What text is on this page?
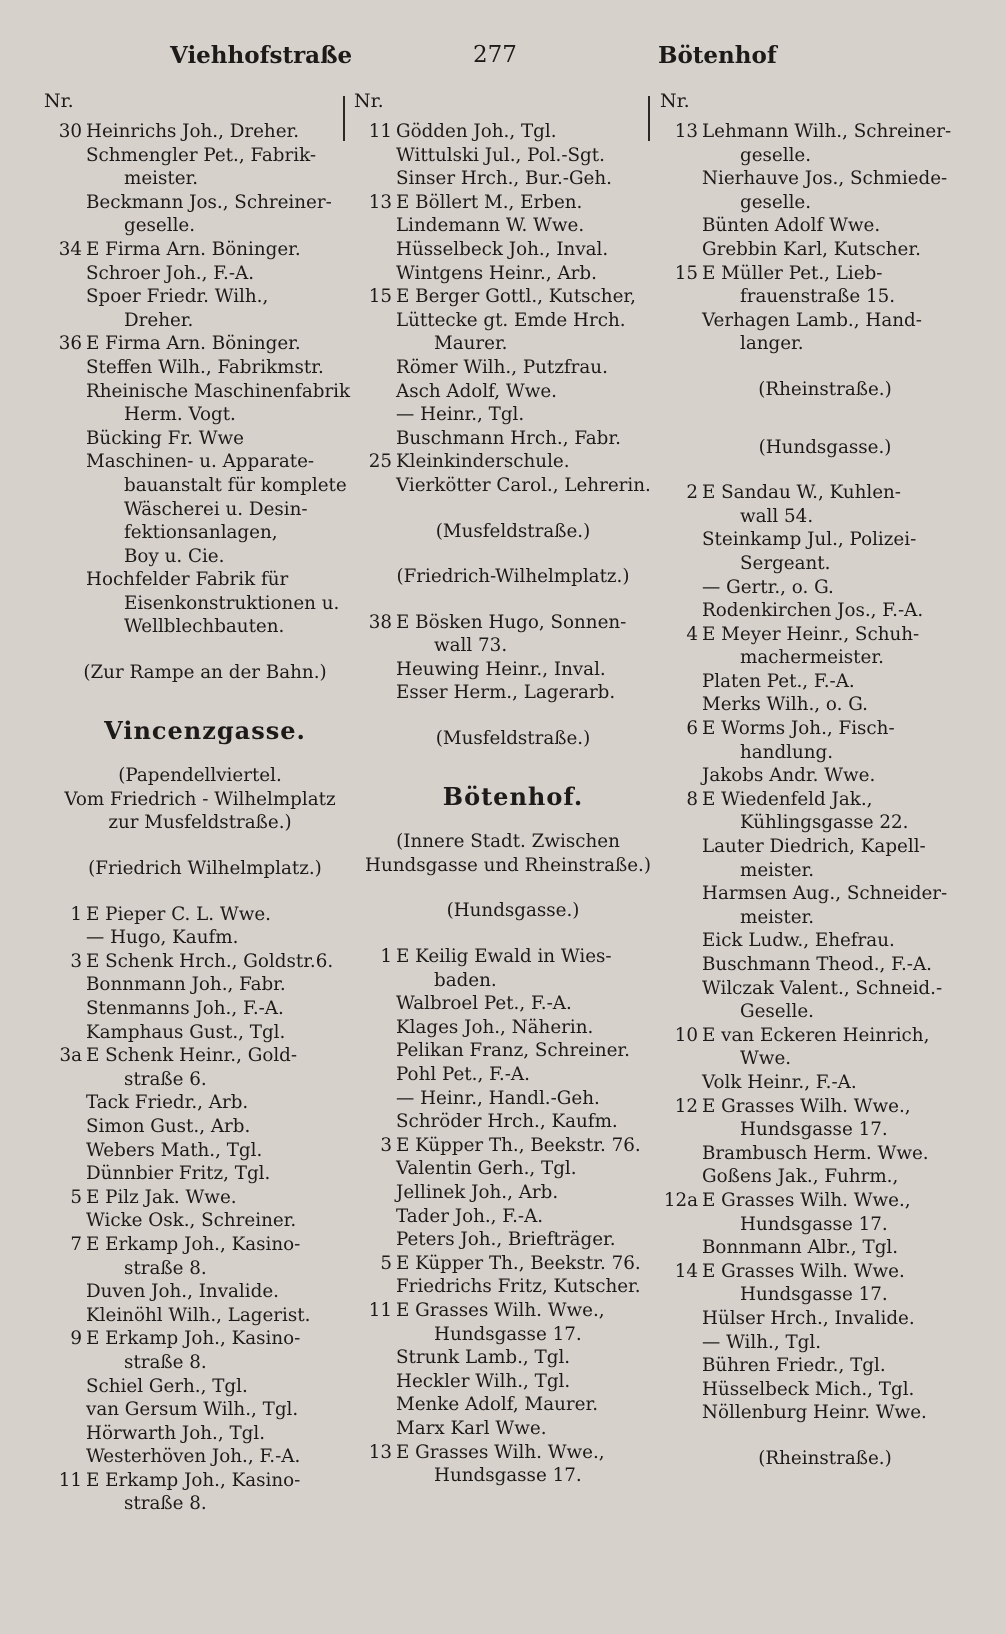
Viehhofstraße	277	Bötenhof
Nr.
30 Heinrichs Joh., Dreher.
Schmengler Pet., Fabrik-
meister.
Beckmann Jos., Schreiner-
geselle.
34 E Firma Arn. Böninger.
Schroer Joh., F.-A.
Spoer Friedr. Wilh.,
Dreher.
36 E Firma Arn. Böninger.
Steffen Wilh., Fabrikmstr.
Rheinische Maschinenfabrik
Herm. Vogt.
Bücking Fr. Wwe
Maschinen- u. Apparate-
bauanstalt für komplete
Wäscherei u. Desin-
fektionsanlagen,
Boy u. Cie.
Hochfelder Fabrik für
Eisenkonstruktionen u.
Wellblechbauten.
(Zur Rampe an der Bahn.)
Vincenzgasse.
(Papendellviertel.
Vom Friedrich - Wilhelmplatz
zur Musfeldstraße.)
(Friedrich Wilhelmplatz.)
1 E Pieper C. L. Wwe.
— Hugo, Kaufm.
3 E Schenk Hrch., Goldstr.6.
Bonnmann Joh., Fabr.
Stenmanns Joh., F.-A.
Kamphaus Gust., Tgl.
3a E Schenk Heinr., Gold-
straße 6.
Tack Friedr., Arb.
Simon Gust., Arb.
Webers Math., Tgl.
Dünnbier Fritz, Tgl.
5 E Pilz Jak. Wwe.
Wicke Osk., Schreiner.
7 E Erkamp Joh., Kasino-
straße 8.
Duven Joh., Invalide.
Kleinöhl Wilh., Lagerist.
9 E Erkamp Joh., Kasino-
straße 8.
Schiel Gerh., Tgl.
van Gersum Wilh., Tgl.
Hörwarth Joh., Tgl.
Westerhöven Joh., F.-A.
11 E Erkamp Joh., Kasino-
straße 8.
Nr.
11 Gödden Joh., Tgl.
Wittulski Jul., Pol.-Sgt.
Sinser Hrch., Bur.-Geh.
13 E Böllert M., Erben.
Lindemann W. Wwe.
Hüsselbeck Joh., Inval.
Wintgens Heinr., Arb.
15 E Berger Gottl., Kutscher,
Lüttecke gt. Emde Hrch.
Maurer.
Römer Wilh., Putzfrau.
Asch Adolf, Wwe.
— Heinr., Tgl.
Buschmann Hrch., Fabr.
25 Kleinkinderschule.
Vierkötter Carol., Lehrerin.
(Musfeldstraße.)
(Friedrich-Wilhelmplatz.)
38 E Bösken Hugo, Sonnen-
wall 73.
Heuwing Heinr., Inval.
Esser Herm., Lagerarb.
(Musfeldstraße.)
Bötenhof.
(Innere Stadt. Zwischen
Hundsgasse und Rheinstraße.)
(Hundsgasse.)
1 E Keilig Ewald in Wies-
baden.
Walbroel Pet., F.-A.
Klages Joh., Näherin.
Pelikan Franz, Schreiner.
Pohl Pet., F.-A.
— Heinr., Handl.-Geh.
Schröder Hrch., Kaufm.
3 E Küpper Th., Beekstr. 76.
Valentin Gerh., Tgl.
Jellinek Joh., Arb.
Tader Joh., F.-A.
Peters Joh., Briefträger.
5 E Küpper Th., Beekstr. 76.
Friedrichs Fritz, Kutscher.
11 E Grasses Wilh. Wwe.,
Hundsgasse 17.
Strunk Lamb., Tgl.
Heckler Wilh., Tgl.
Menke Adolf, Maurer.
Marx Karl Wwe.
13 E Grasses Wilh. Wwe.,
Hundsgasse 17.
Nr.
13 Lehmann Wilh., Schreiner-
geselle.
Nierhauve Jos., Schmiede-
geselle.
Bünten Adolf Wwe.
Grebbin Karl, Kutscher.
15 E Müller Pet., Lieb-
frauenstraße 15.
Verhagen Lamb., Hand-
langer.
(Rheinstraße.)
(Hundsgasse.)
2 E Sandau W., Kuhlen-
wall 54.
Steinkamp Jul., Polizei-
Sergeant.
— Gertr., o. G.
Rodenkirchen Jos., F.-A.
4 E Meyer Heinr., Schuh-
machermeister.
Platen Pet., F.-A.
Merks Wilh., o. G.
6 E Worms Joh., Fisch-
handlung.
Jakobs Andr. Wwe.
8 E Wiedenfeld Jak.,
Kühlingsgasse 22.
Lauter Diedrich, Kapell-
meister.
Harmsen Aug., Schneider-
meister.
Eick Ludw., Ehefrau.
Buschmann Theod., F.-A.
Wilczak Valent., Schneid.-
Geselle.
10 E van Eckeren Heinrich,
Wwe.
Volk Heinr., F.-A.
12 E Grasses Wilh. Wwe.,
Hundsgasse 17.
Brambusch Herm. Wwe.
Goßens Jak., Fuhrm.,
12a E Grasses Wilh. Wwe.,
Hundsgasse 17.
Bonnmann Albr., Tgl.
14 E Grasses Wilh. Wwe.
Hundsgasse 17.
Hülser Hrch., Invalide.
— Wilh., Tgl.
Bühren Friedr., Tgl.
Hüsselbeck Mich., Tgl.
Nöllenburg Heinr. Wwe.
(Rheinstraße.)
